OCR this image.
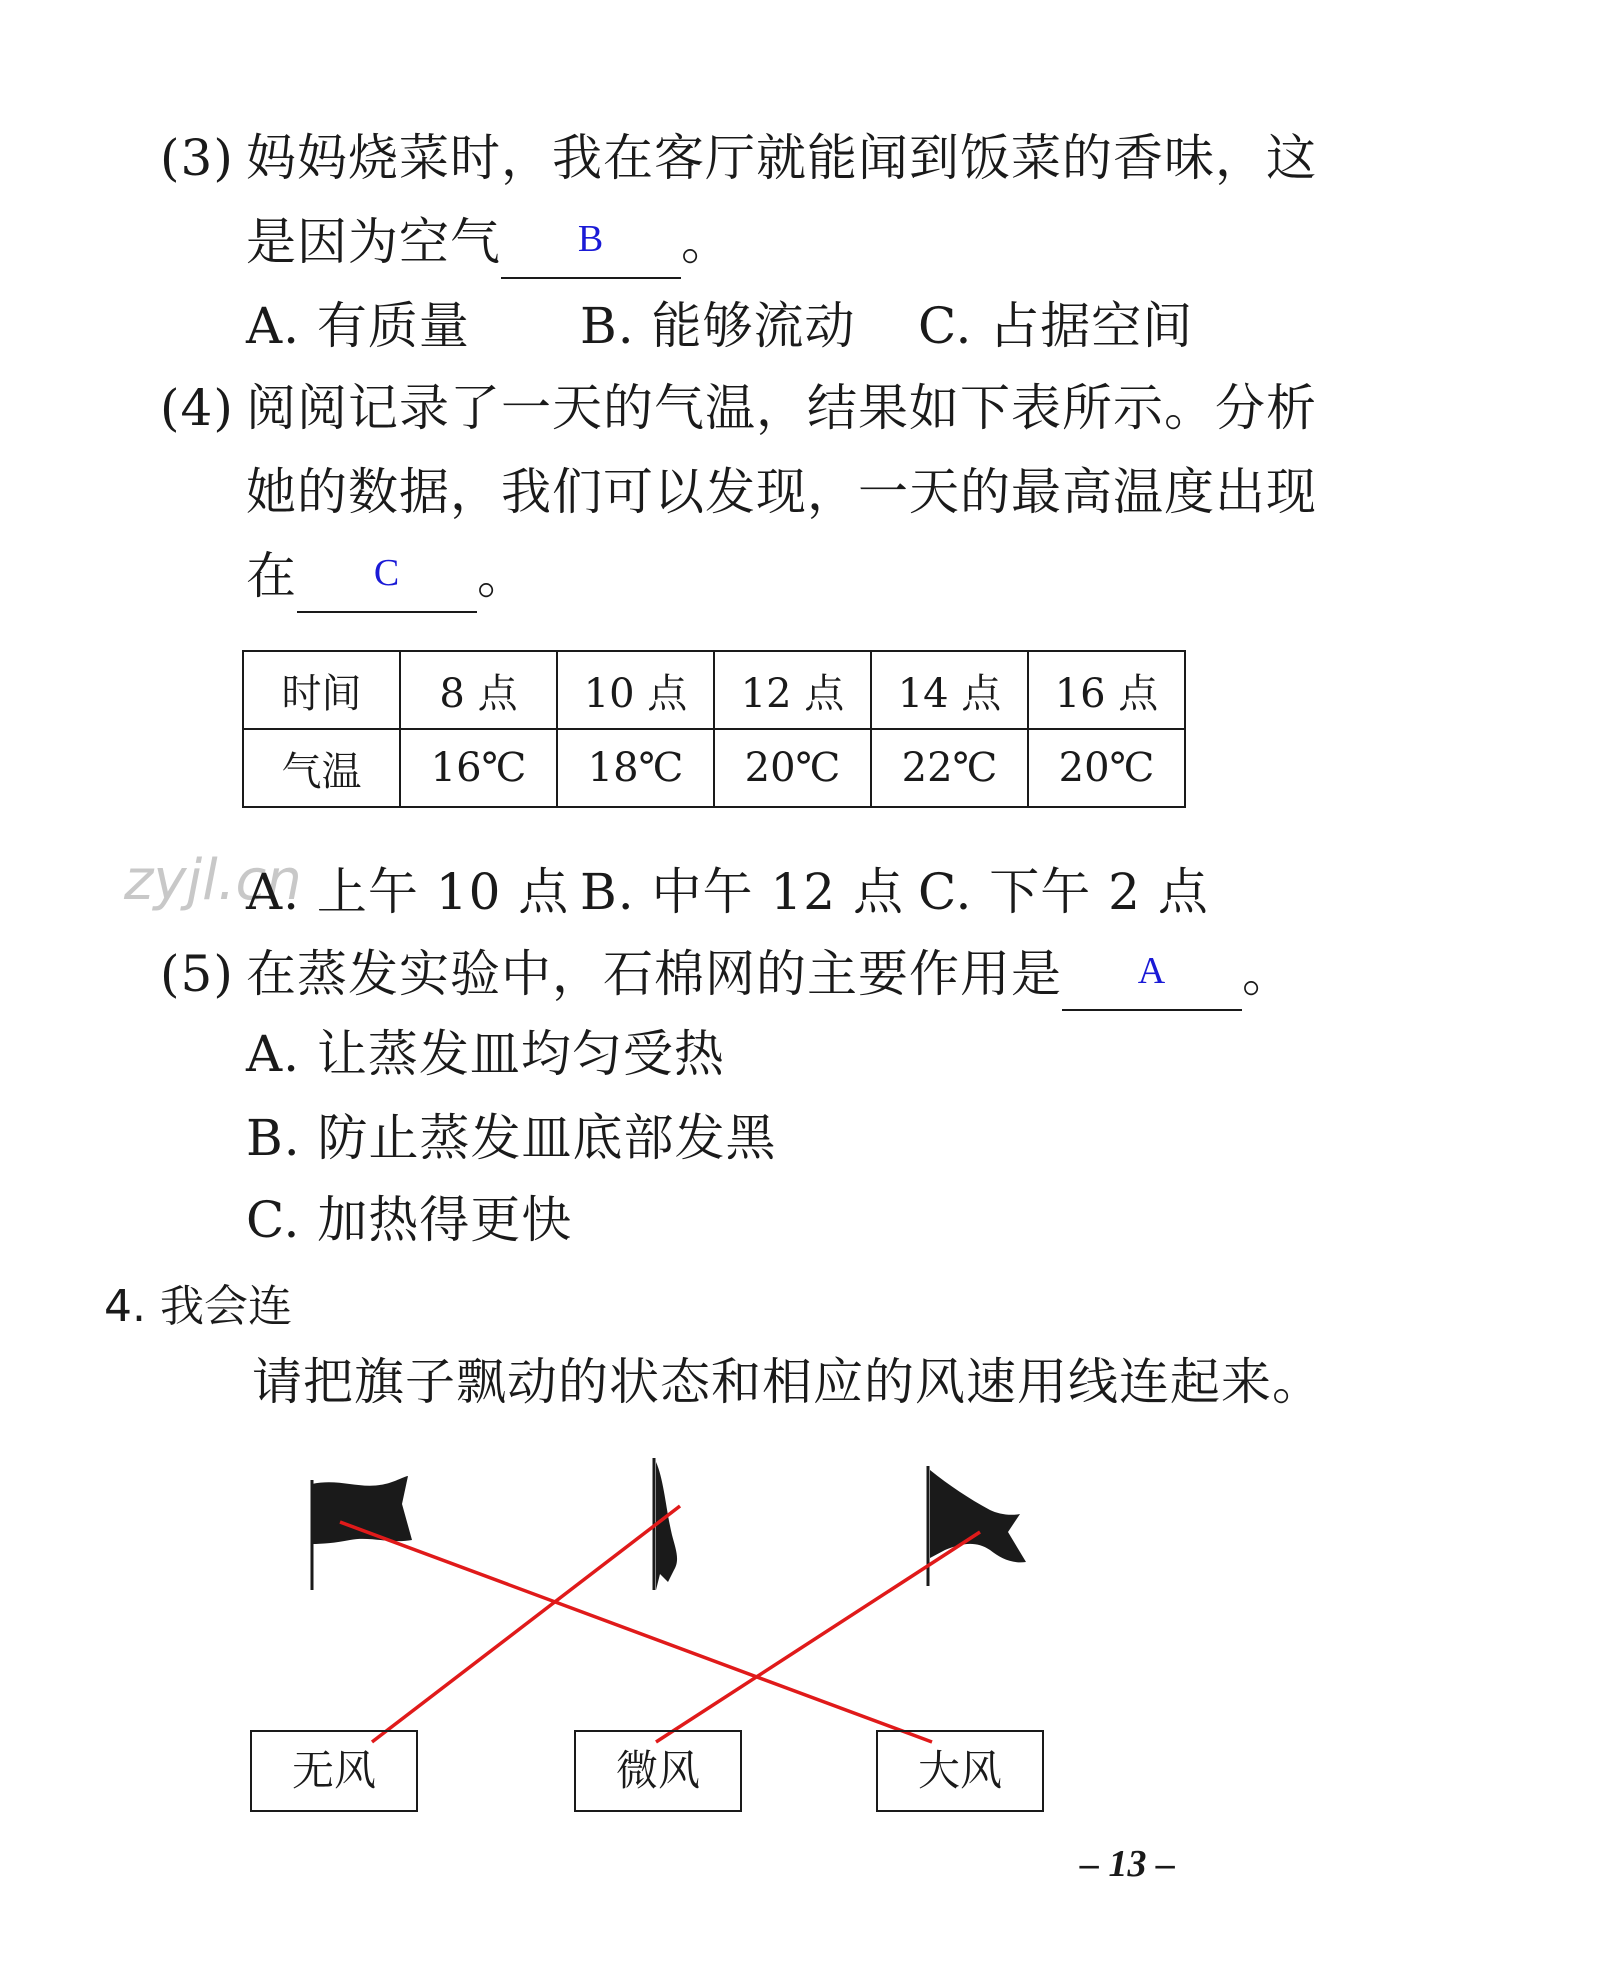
(3) 妈妈烧菜时，我在客厅就能闻到饭菜的香味，这
是因为空气 B 。
A. 有质量 B. 能够流动 C. 占据空间
(4) 阅阅记录了一天的气温，结果如下表所示。分析
她的数据，我们可以发现，一天的最高温度出现
在 C 。
时间	8 点	10 点	12 点	14 点	16 点
气温	16℃	18℃	20℃	22℃	20℃
zyjl.cn
A. 上午 10 点 B. 中午 12 点 C. 下午 2 点
(5) 在蒸发实验中，石棉网的主要作用是 A 。
A. 让蒸发皿均匀受热
B. 防止蒸发皿底部发黑
C. 加热得更快
4. 我会连
请把旗子飘动的状态和相应的风速用线连起来。
无风	微风	大风
– 13 –
